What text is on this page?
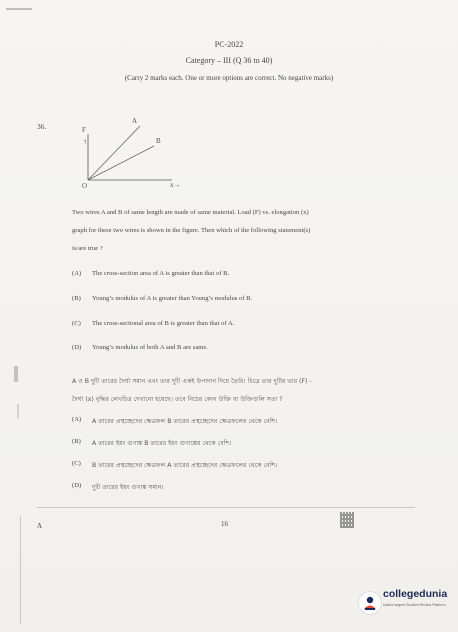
PC-2022
Category – III (Q 36 to 40)
(Carry 2 marks each. One or more options are correct. No negative marks)
36.	F
↑
O	x→
A
B
Two wires A and B of same length are made of same material. Load (F) vs. elongation (x)
graph for these two wires is shown in the figure. Then which of the following statement(s)
is/are true ?
(A) The cross-section area of A is greater than that of B.
(B) Young’s modulus of A is greater than Young’s modulus of B.
(C) The cross-sectional area of B is greater than that of A.
(D) Young’s modulus of both A and B are same.
A ও B দুটি তারের দৈর্ঘ্য সমান এবং তার দুটি একই উপাদান দিয়ে তৈরি। চিত্রে তার দুটির ভার (F) -
দৈর্ঘ্য (x) বৃদ্ধির লেখচিত্র দেখানো হয়েছে। তবে নিচের কোন উক্তি বা উক্তিগুলি সত্য ?
(A) A তারের প্রস্থচ্ছেদের ক্ষেত্রফল B তারের প্রস্থচ্ছেদের ক্ষেত্রফলের থেকে বেশি।
(B) A তারের ইয়ং গুণাঙ্ক B তারের ইয়ং গুণাঙ্কের থেকে বেশি।
(C) B তারের প্রস্থচ্ছেদের ক্ষেত্রফল A তারের প্রস্থচ্ছেদের ক্ষেত্রফলের থেকে বেশি।
(D) দুটি তারের ইয়ং গুণাঙ্ক সমান।
A	16
collegedunia
India's largest Student Review Platform
